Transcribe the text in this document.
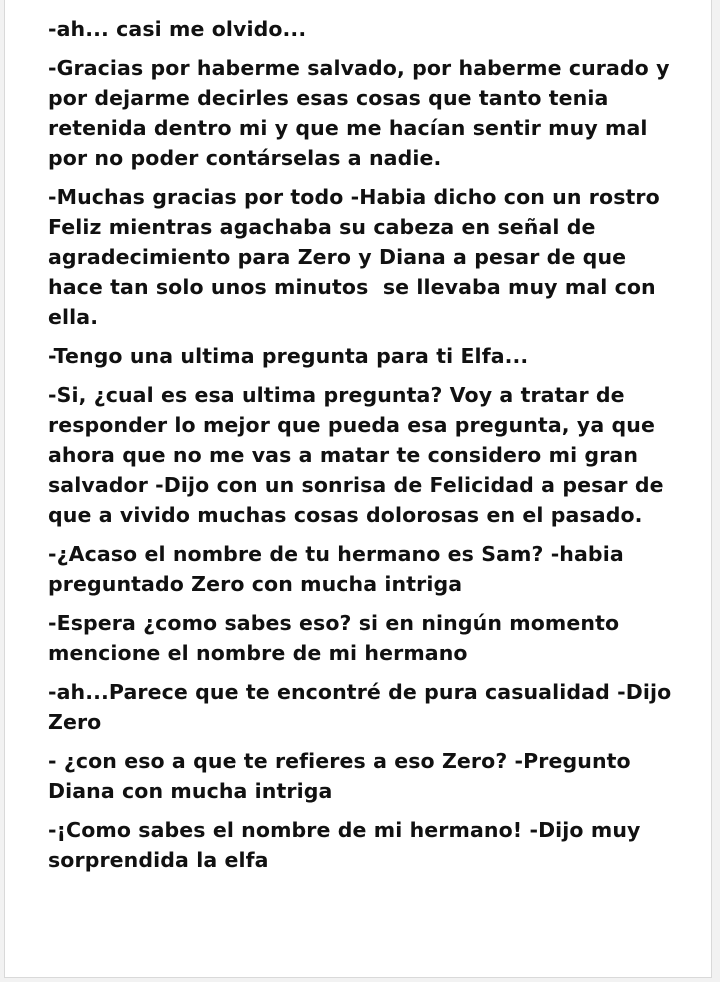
-ah... casi me olvido...

-Gracias por haberme salvado, por haberme curado y por dejarme decirles esas cosas que tanto tenia retenida dentro mi y que me hacían sentir muy mal por no poder contárselas a nadie.

-Muchas gracias por todo -Habia dicho con un rostro Feliz mientras agachaba su cabeza en señal de agradecimiento para Zero y Diana a pesar de que hace tan solo unos minutos  se llevaba muy mal con ella.

-Tengo una ultima pregunta para ti Elfa...

-Si, ¿cual es esa ultima pregunta? Voy a tratar de responder lo mejor que pueda esa pregunta, ya que ahora que no me vas a matar te considero mi gran salvador -Dijo con un sonrisa de Felicidad a pesar de que a vivido muchas cosas dolorosas en el pasado.

-¿Acaso el nombre de tu hermano es Sam? -habia preguntado Zero con mucha intriga

-Espera ¿como sabes eso? si en ningún momento mencione el nombre de mi hermano

-ah...Parece que te encontré de pura casualidad -Dijo Zero

- ¿con eso a que te refieres a eso Zero? -Pregunto Diana con mucha intriga

-¡Como sabes el nombre de mi hermano! -Dijo muy sorprendida la elfa
